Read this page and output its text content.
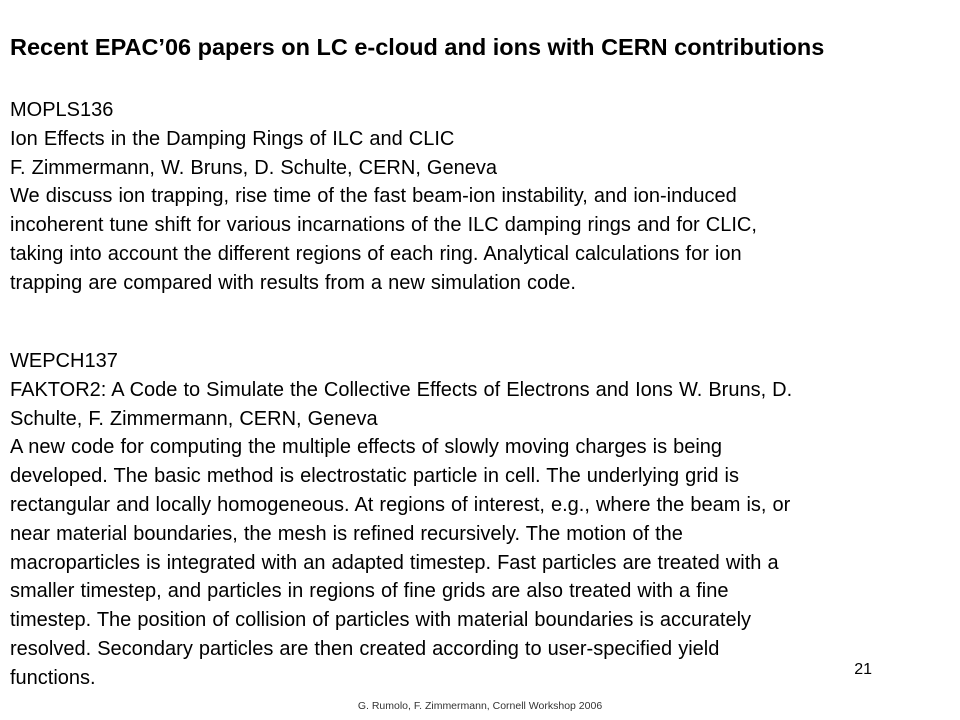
Recent EPAC’06 papers on LC e-cloud and ions with CERN contributions
MOPLS136
Ion Effects in the Damping Rings of ILC and CLIC
F. Zimmermann, W. Bruns, D. Schulte, CERN, Geneva
We discuss ion trapping, rise time of the fast beam-ion instability, and ion-induced
incoherent tune shift for various incarnations of the ILC damping rings and for CLIC,
taking into account the different regions of each ring. Analytical calculations for ion
trapping are compared with results from a new simulation code.
WEPCH137
FAKTOR2: A Code to Simulate the Collective Effects of Electrons and Ions W. Bruns, D.
Schulte, F. Zimmermann, CERN, Geneva
A new code for computing the multiple effects of slowly moving charges is being
developed. The basic method is electrostatic particle in cell. The underlying grid is
rectangular and locally homogeneous. At regions of interest, e.g., where the beam is, or
near material boundaries, the mesh is refined recursively. The motion of the
macroparticles is integrated with an adapted timestep. Fast particles are treated with a
smaller timestep, and particles in regions of fine grids are also treated with a fine
timestep. The position of collision of particles with material boundaries is accurately
resolved. Secondary particles are then created according to user-specified yield
functions.	21
G. Rumolo, F. Zimmermann, Cornell Workshop 2006
